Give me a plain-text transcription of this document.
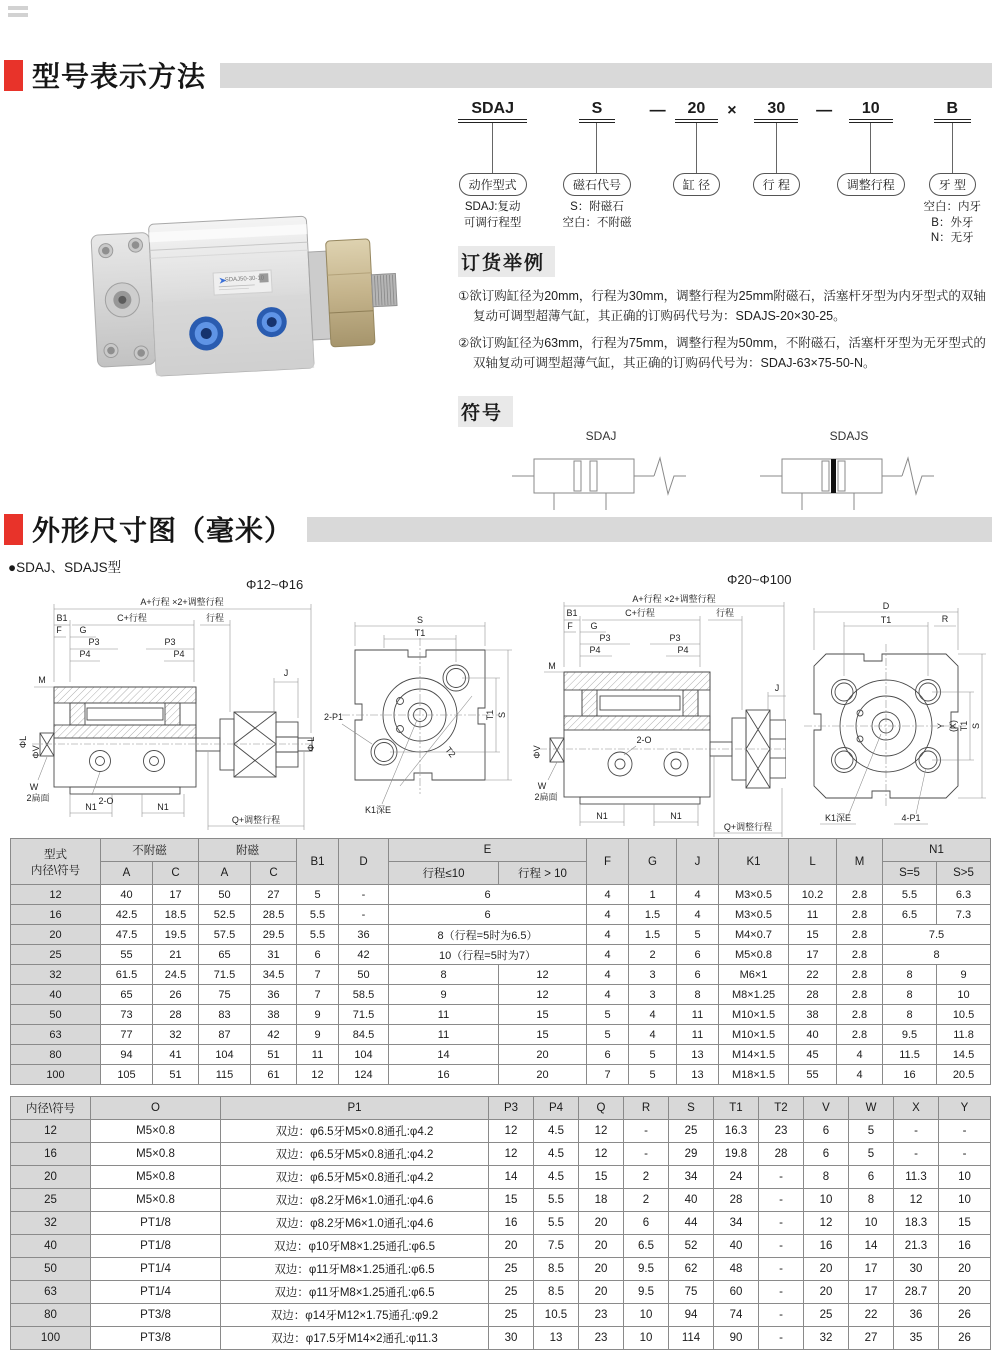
型号表示方法
SDAJ
动作型式
SDAJ:复动
可调行程型
S
磁石代号
S：附磁石
空白：不附磁
—	20
缸 径
×	30
行 程
—	10
调整行程
B
牙 型
空白：内牙
B：外牙
N：无牙
SDAJ50-30-10
订货举例

①欲订购缸径为20mm，行程为30mm，调整行程为25mm附磁石，活塞杆牙型为内牙型式的双轴复动可调型超薄气缸，其正确的订购码代号为：SDAJS-20×30-25。

②欲订购缸径为63mm，行程为75mm，调整行程为50mm，不附磁石，活塞杆牙型为无牙型式的双轴复动可调型超薄气缸，其正确的订购码代号为：SDAJ-63×75-50-N。

符号
SDAJ	SDAJS
外形尺寸图（毫米）
●SDAJ、SDAJS型
Φ12~Φ16	Φ20~Φ100
A+行程 ×2+调整行程
B1	C+行程	行程
F G
P3	P3
P4	P4
M
J
ΦL
ΦV
W
2扁面	2-O
N1	N1
Q+调整行程
Φ L
S
T1
T1 S
T2
2-P1
K1深E
A+行程 ×2+调整行程
B1	C+行程	行程
F G
P3	P3
P4	P4
M
J
2-O
ΦV
W
2扁面
N1	N1
Q+调整行程
D
T1	R
Y (X) T1 S
K1深E	4-P1
型式
内径\符号	不附磁		附磁		B1	D	E		F	G	J	K1	L	M	N1	
	A	C	A	C			行程≤10	行程 > 10							S=5	S>5
12	40	17	50	27	5	-	6		4	1	4	M3×0.5	10.2	2.8	5.5	6.3
16	42.5	18.5	52.5	28.5	5.5	-	6		4	1.5	4	M3×0.5	11	2.8	6.5	7.3
20	47.5	19.5	57.5	29.5	5.5	36	8（行程=5时为6.5）		4	1.5	5	M4×0.7	15	2.8	7.5	
25	55	21	65	31	6	42	10（行程=5时为7）		4	2	6	M5×0.8	17	2.8	8	
32	61.5	24.5	71.5	34.5	7	50	8	12	4	3	6	M6×1	22	2.8	8	9
40	65	26	75	36	7	58.5	9	12	4	3	8	M8×1.25	28	2.8	8	10
50	73	28	83	38	9	71.5	11	15	5	4	11	M10×1.5	38	2.8	8	10.5
63	77	32	87	42	9	84.5	11	15	5	4	11	M10×1.5	40	2.8	9.5	11.8
80	94	41	104	51	11	104	14	20	6	5	13	M14×1.5	45	4	11.5	14.5
100	105	51	115	61	12	124	16	20	7	5	13	M18×1.5	55	4	16	20.5
内径\符号	O	P1	P3	P4	Q	R	S	T1	T2	V	W	X	Y
12	M5×0.8	双边：φ6.5牙M5×0.8通孔:φ4.2	12	4.5	12	-	25	16.3	23	6	5	-	-
16	M5×0.8	双边：φ6.5牙M5×0.8通孔:φ4.2	12	4.5	12	-	29	19.8	28	6	5	-	-
20	M5×0.8	双边：φ6.5牙M5×0.8通孔:φ4.2	14	4.5	15	2	34	24	-	8	6	11.3	10
25	M5×0.8	双边：φ8.2牙M6×1.0通孔:φ4.6	15	5.5	18	2	40	28	-	10	8	12	10
32	PT1/8	双边：φ8.2牙M6×1.0通孔:φ4.6	16	5.5	20	6	44	34	-	12	10	18.3	15
40	PT1/8	双边：φ10牙M8×1.25通孔:φ6.5	20	7.5	20	6.5	52	40	-	16	14	21.3	16
50	PT1/4	双边：φ11牙M8×1.25通孔:φ6.5	25	8.5	20	9.5	62	48	-	20	17	30	20
63	PT1/4	双边：φ11牙M8×1.25通孔:φ6.5	25	8.5	20	9.5	75	60	-	20	17	28.7	20
80	PT3/8	双边：φ14牙M12×1.75通孔:φ9.2	25	10.5	23	10	94	74	-	25	22	36	26
100	PT3/8	双边：φ17.5牙M14×2通孔:φ11.3	30	13	23	10	114	90	-	32	27	35	26
